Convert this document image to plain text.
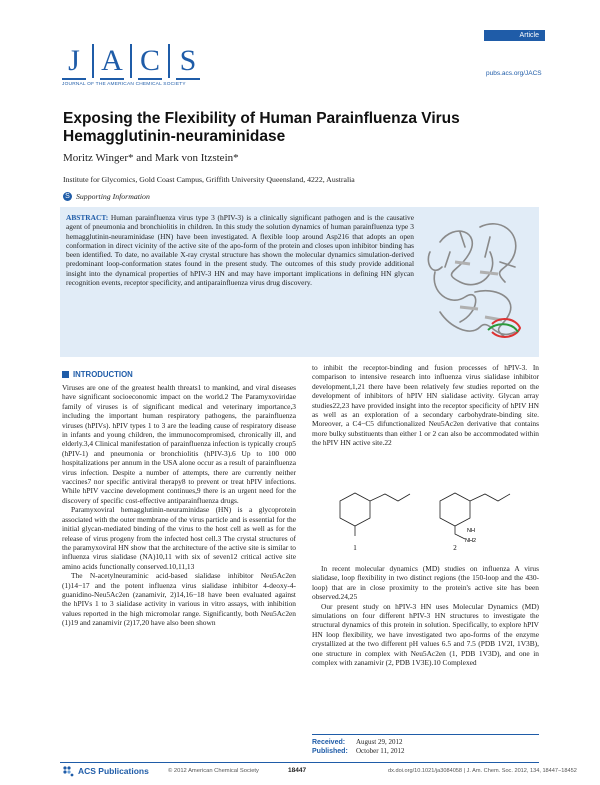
J A C S
JOURNAL OF THE AMERICAN CHEMICAL SOCIETY
Article
pubs.acs.org/JACS
Exposing the Flexibility of Human Parainfluenza Virus Hemagglutinin-neuraminidase
Moritz Winger* and Mark von Itzstein*
Institute for Glycomics, Gold Coast Campus, Griffith University Queensland, 4222, Australia
S Supporting Information
ABSTRACT: Human parainfluenza virus type 3 (hPIV-3) is a clinically significant pathogen and is the causative agent of pneumonia and bronchiolitis in children. In this study the solution dynamics of human parainfluenza type 3 hemagglutinin-neuraminidase (HN) have been investigated. A flexible loop around Asp216 that adopts an open conformation in direct vicinity of the active site of the apo-form of the protein and closes upon inhibitor binding has been identified. To date, no available X-ray crystal structure has shown the molecular dynamics simulation-derived predominant loop-conformation states found in the present study. The outcomes of this study provide additional insight into the dynamical properties of hPIV-3 HN and may have important implications in defining HN glycan recognition events, receptor specificity, and antiparainfluenza virus drug discovery.
INTRODUCTION

Viruses are one of the greatest health threats1 to mankind, and viral diseases have significant socioeconomic impact on the world.2 The Paramyxoviridae family of viruses is of significant medical and veterinary importance,3 including the important human respiratory pathogens, the parainfluenza viruses (hPIVs). hPIV types 1 to 3 are the leading cause of respiratory disease in infants and young children, the immunocompromised, chronically ill, and elderly.3,4 Clinical manifestation of parainfluenza infection is typically croup5 (hPIV-1) and pneumonia or bronchiolitis (hPIV-3).6 Up to 100 000 hospitalizations per annum in the USA alone occur as a result of parainfluenza virus infection. Despite a number of attempts, there are currently neither vaccines7 nor specific antiviral therapy8 to prevent or treat hPIV infections. While hPIV vaccine development continues,9 there is an urgent need for the discovery of specific cost-effective antiparainfluenza drugs.

Paramyxoviral hemagglutinin-neuraminidase (HN) is a glycoprotein associated with the outer membrane of the virus particle and is essential for the initial glycan-mediated binding of the virus to the host cell as well as for the release of virus progeny from the infected host cell.3 The crystal structures of the paramyxoviral HN show that the architecture of the active site is similar to influenza virus sialidase (NA)10,11 with six of seven12 critical active site amino acids functionally conserved.10,11,13

The N-acetylneuraminic acid-based sialidase inhibitor Neu5Ac2en (1)14−17 and the potent influenza virus sialidase inhibitor 4-deoxy-4-guanidino-Neu5Ac2en (zanamivir, 2)14,16−18 have been evaluated against the hPIVs 1 to 3 sialidase activity in various in vitro assays, with inhibition values reported in the high micromolar range. Significantly, both Neu5Ac2en (1)19 and zanamivir (2)17,20 have also been shown

to inhibit the receptor-binding and fusion processes of hPIV-3. In comparison to intensive research into influenza virus sialidase inhibitor development,1,21 there have been relatively few studies reported on the development of inhibitors of hPIV HN sialidase activity. Glycan array studies22,23 have provided insight into the receptor specificity of hPIV HN as well as an exploration of a secondary carbohydrate-binding site. Moreover, a C4−C5 difunctionalized Neu5Ac2en derivative that contains more bulky substituents than either 1 or 2 can also be accommodated within the hPIV HN active site.22

1	2
NH
NH2

In recent molecular dynamics (MD) studies on influenza A virus sialidase, loop flexibility in two distinct regions (the 150-loop and the 430-loop) that are in close proximity to the protein's active site has been observed.24,25

Our present study on hPIV-3 HN uses Molecular Dynamics (MD) simulations on four different hPIV-3 HN structures to investigate the structural dynamics of this protein in solution. Specifically, to explore hPIV HN loop flexibility, we have investigated two apo-forms of the enzyme crystallized at the two different pH values 6.5 and 7.5 (PDB 1V2I, 1V3B), one structure in complex with Neu5Ac2en (1, PDB 1V3D), and one in complex with zanamivir (2, PDB 1V3E).10 Complexed

Received: August 29, 2012
Published: October 11, 2012
ACS Publications	© 2012 American Chemical Society	18447	dx.doi.org/10.1021/ja3084058 | J. Am. Chem. Soc. 2012, 134, 18447−18452
